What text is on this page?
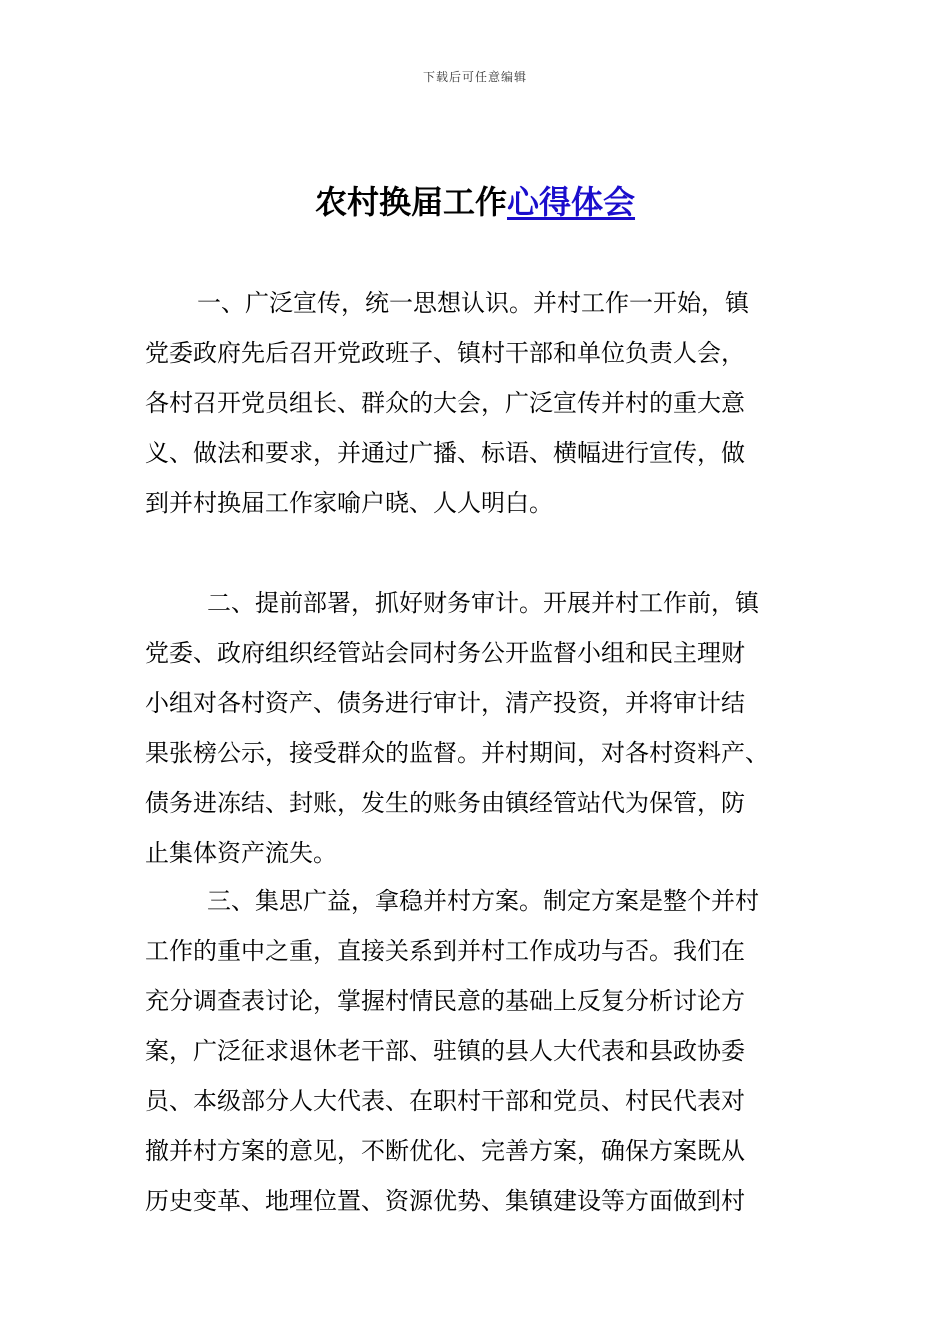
下载后可任意编辑
农村换届工作心得体会
一、广泛宣传，统一思想认识。并村工作一开始，镇
党委政府先后召开党政班子、镇村干部和单位负责人会，
各村召开党员组长、群众的大会，广泛宣传并村的重大意
义、做法和要求，并通过广播、标语、横幅进行宣传，做
到并村换届工作家喻户晓、人人明白。
二、提前部署，抓好财务审计。开展并村工作前，镇
党委、政府组织经管站会同村务公开监督小组和民主理财
小组对各村资产、债务进行审计，清产投资，并将审计结
果张榜公示，接受群众的监督。并村期间，对各村资料产、
债务进冻结、封账，发生的账务由镇经管站代为保管，防
止集体资产流失。
三、集思广益，拿稳并村方案。制定方案是整个并村
工作的重中之重，直接关系到并村工作成功与否。我们在
充分调查表讨论，掌握村情民意的基础上反复分析讨论方
案，广泛征求退休老干部、驻镇的县人大代表和县政协委
员、本级部分人大代表、在职村干部和党员、村民代表对
撤并村方案的意见，不断优化、完善方案，确保方案既从
历史变革、地理位置、资源优势、集镇建设等方面做到村
